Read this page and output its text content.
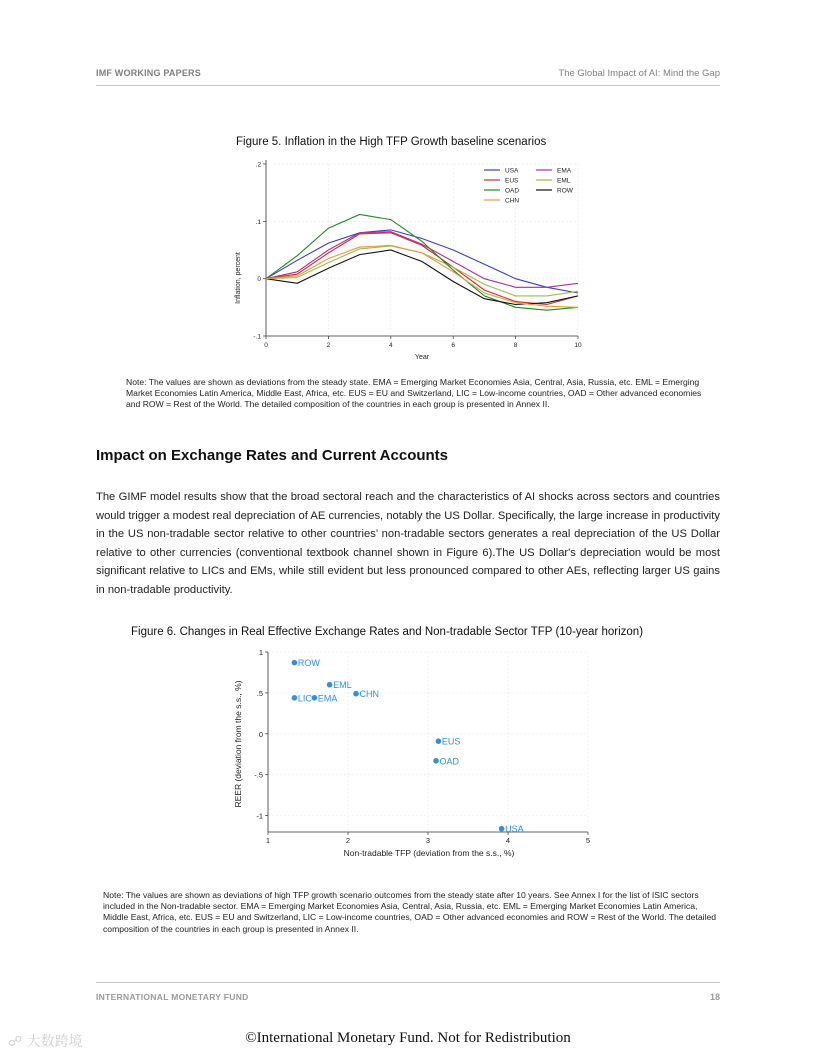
IMF WORKING PAPERS	The Global Impact of AI: Mind the Gap
Figure 5. Inflation in the High TFP Growth baseline scenarios
0	2	4	6	8	10
-.1
0
.1
.2
USA	EMA
EUS	EML
OAD	ROW
CHN
Year
Inflation, percent
Note: The values are shown as deviations from the steady state. EMA = Emerging Market Economies Asia, Central, Asia, Russia, etc. EML = Emerging Market Economies Latin America, Middle East, Africa, etc. EUS = EU and Switzerland, LIC = Low-income countries, OAD = Other advanced economies and ROW = Rest of the World. The detailed composition of the countries in each group is presented in Annex II.
Impact on Exchange Rates and Current Accounts
The GIMF model results show that the broad sectoral reach and the characteristics of AI shocks across sectors and countries would trigger a modest real depreciation of AE currencies, notably the US Dollar. Specifically, the large increase in productivity in the US non-tradable sector relative to other countries’ non-tradable sectors generates a real depreciation of the US Dollar relative to other currencies (conventional textbook channel shown in Figure 6).The US Dollar's depreciation would be most significant relative to LICs and EMs, while still evident but less pronounced compared to other AEs, reflecting larger US gains in non-tradable productivity.
Figure 6. Changes in Real Effective Exchange Rates and Non-tradable Sector TFP (10-year horizon)
1	2	3	4	5
-1
-.5
0
.5
1
ROW
EML
CHN
LIC EMA
EUS
OAD
USA
Non-tradable TFP (deviation from the s.s., %)
REER (deviation from the s.s., %)
Note: The values are shown as deviations of high TFP growth scenario outcomes from the steady state after 10 years. See Annex I for the list of ISIC sectors included in the Non-tradable sector. EMA = Emerging Market Economies Asia, Central, Asia, Russia, etc. EML = Emerging Market Economies Latin America, Middle East, Africa, etc. EUS = EU and Switzerland, LIC = Low-income countries, OAD = Other advanced economies and ROW = Rest of the World. The detailed composition of the countries in each group is presented in Annex II.
INTERNATIONAL MONETARY FUND	18
©International Monetary Fund. Not for Redistribution
☍ 大数跨境
